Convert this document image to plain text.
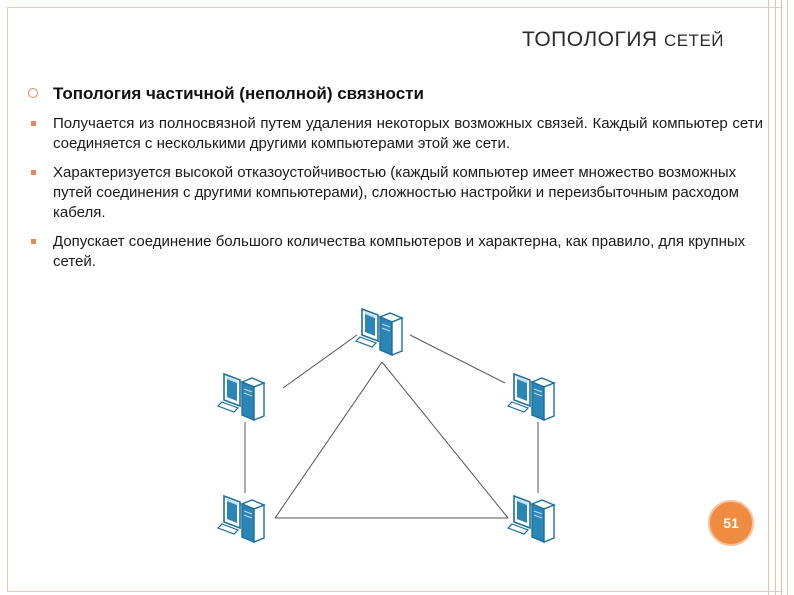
ТОПОЛОГИЯ СЕТЕЙ
Топология частичной (неполной) связности
Получается из полносвязной путем удаления некоторых возможных связей. Каждый компьютер сети соединяется с несколькими другими компьютерами этой же сети.
Характеризуется высокой отказоустойчивостью (каждый компьютер имеет множество возможных путей соединения с другими компьютерами), сложностью настройки и переизбыточным расходом кабеля.
Допускает соединение большого количества компьютеров и характерна, как правило, для крупных сетей.
51
